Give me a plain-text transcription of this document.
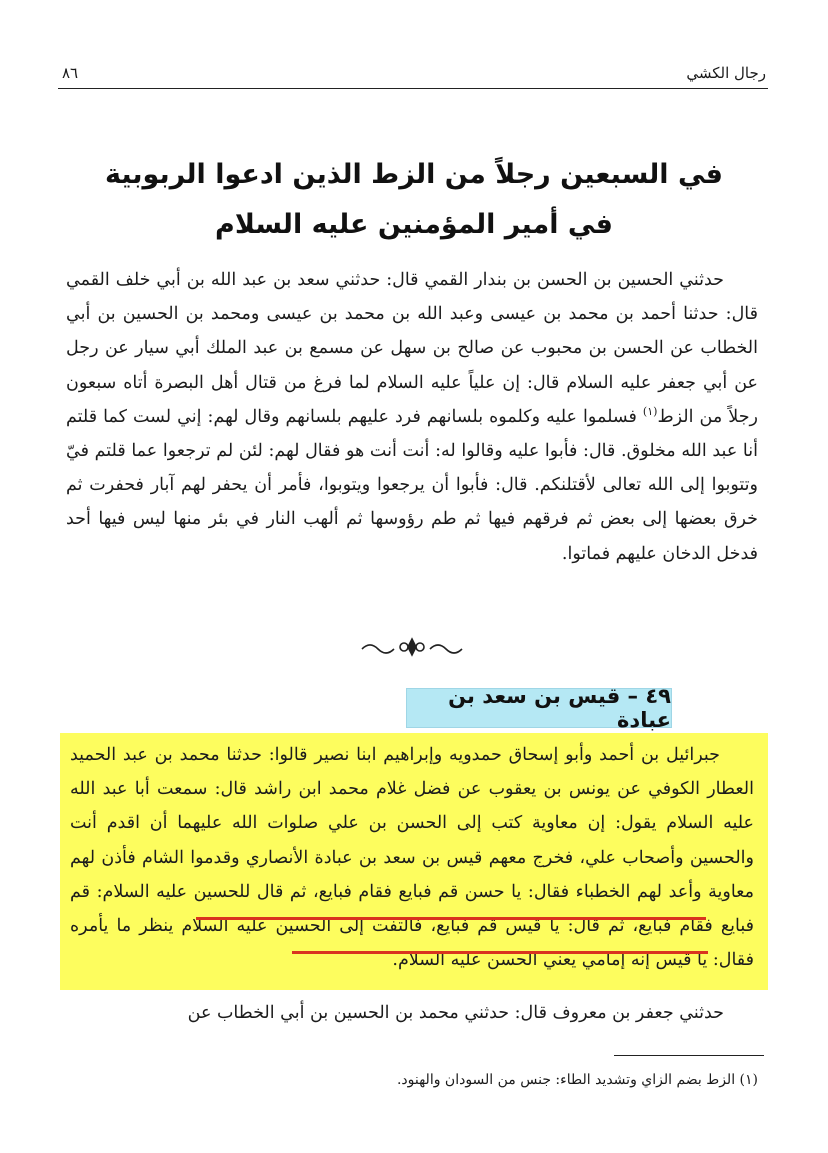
رجال الكشي
٨٦
في السبعين رجلاً من الزط الذين ادعوا الربوبية
في أمير المؤمنين عليه السلام

حدثني الحسين بن الحسن بن بندار القمي قال: حدثني سعد بن عبد الله بن أبي خلف القمي قال: حدثنا أحمد بن محمد بن عيسى وعبد الله بن محمد بن عيسى ومحمد بن الحسين بن أبي الخطاب عن الحسن بن محبوب عن صالح بن سهل عن مسمع بن عبد الملك أبي سيار عن رجل عن أبي جعفر عليه السلام قال: إن علياً عليه السلام لما فرغ من قتال أهل البصرة أتاه سبعون رجلاً من الزط$^{(١)}$ فسلموا عليه وكلموه بلسانهم فرد عليهم بلسانهم وقال لهم: إني لست كما قلتم أنا عبد الله مخلوق. قال: فأبوا عليه وقالوا له: أنت أنت هو فقال لهم: لئن لم ترجعوا عما قلتم فيّ وتتوبوا إلى الله تعالى لأقتلنكم. قال: فأبوا أن يرجعوا ويتوبوا، فأمر أن يحفر لهم آبار فحفرت ثم خرق بعضها إلى بعض ثم فرقهم فيها ثم طم رؤوسها ثم ألهب النار في بئر منها ليس فيها أحد فدخل الدخان عليهم فماتوا.

٤٩ – قيس بن سعد بن عبادة

جبرائيل بن أحمد وأبو إسحاق حمدويه وإبراهيم ابنا نصير قالوا: حدثنا محمد بن عبد الحميد العطار الكوفي عن يونس بن يعقوب عن فضل غلام محمد ابن راشد قال: سمعت أبا عبد الله عليه السلام يقول: إن معاوية كتب إلى الحسن بن علي صلوات الله عليهما أن اقدم أنت والحسين وأصحاب علي، فخرج معهم قيس بن سعد بن عبادة الأنصاري وقدموا الشام فأذن لهم معاوية وأعد لهم الخطباء فقال: يا حسن قم فبايع فقام فبايع، ثم قال للحسين عليه السلام: قم فبايع فقام فبايع، ثم قال: يا قيس قم فبايع، فالتفت إلى الحسين عليه السلام ينظر ما يأمره فقال: يا قيس إنه إمامي يعني الحسن عليه السلام.

حدثني جعفر بن معروف قال: حدثني محمد بن الحسين بن أبي الخطاب عن

(١) الزط بضم الزاي وتشديد الطاء: جنس من السودان والهنود.
